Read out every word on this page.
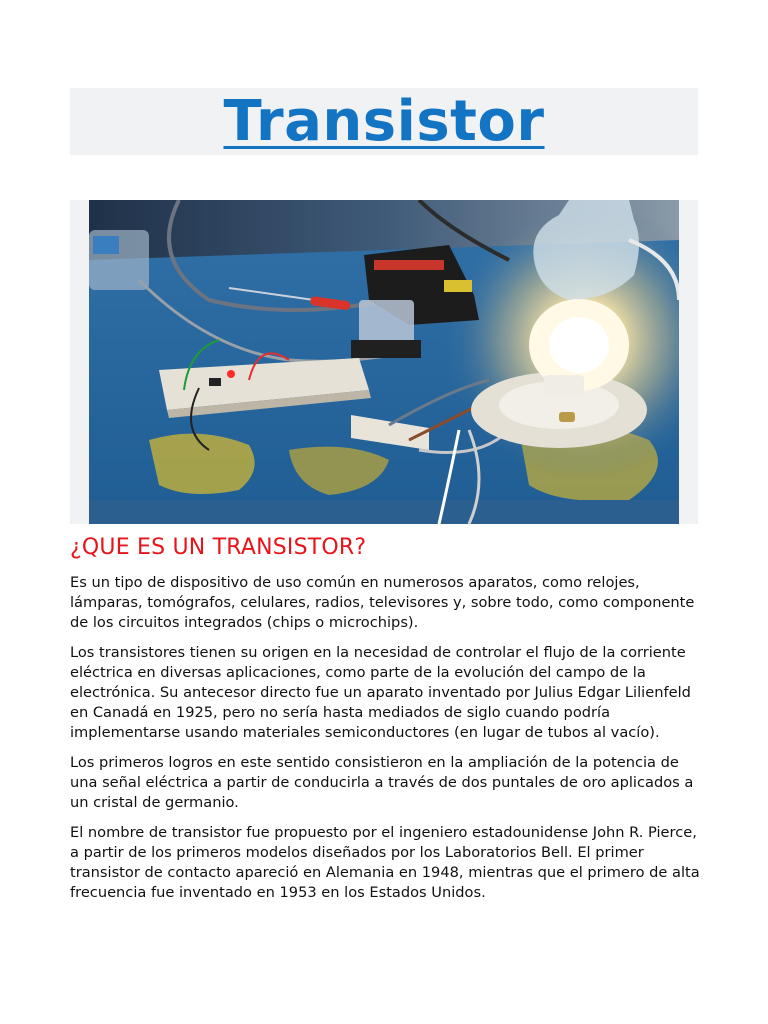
Transistor
¿QUE ES UN TRANSISTOR?

Es un tipo de dispositivo de uso común en numerosos aparatos, como relojes, lámparas, tomógrafos, celulares, radios, televisores y, sobre todo, como componente de los circuitos integrados (chips o microchips).

Los transistores tienen su origen en la necesidad de controlar el flujo de la corriente eléctrica en diversas aplicaciones, como parte de la evolución del campo de la electrónica. Su antecesor directo fue un aparato inventado por Julius Edgar Lilienfeld en Canadá en 1925, pero no sería hasta mediados de siglo cuando podría implementarse usando materiales semiconductores (en lugar de tubos al vacío).

Los primeros logros en este sentido consistieron en la ampliación de la potencia de una señal eléctrica a partir de conducirla a través de dos puntales de oro aplicados a un cristal de germanio.

El nombre de transistor fue propuesto por el ingeniero estadounidense John R. Pierce, a partir de los primeros modelos diseñados por los Laboratorios Bell. El primer transistor de contacto apareció en Alemania en 1948, mientras que el primero de alta frecuencia fue inventado en 1953 en los Estados Unidos.
